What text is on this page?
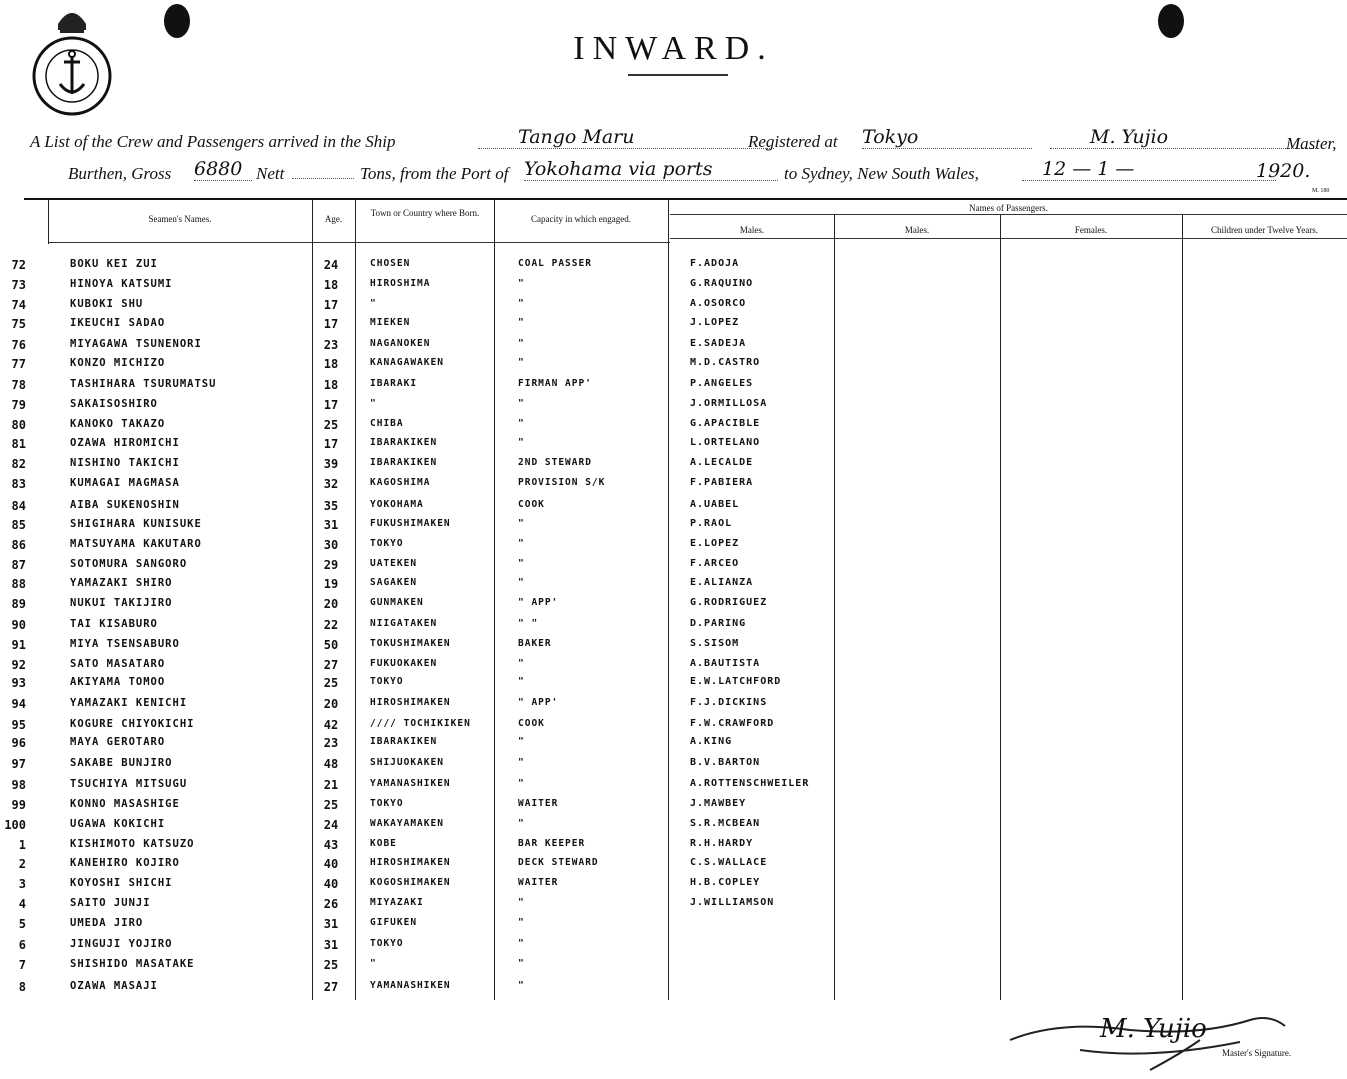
INWARD.
A List of the Crew and Passengers arrived in the Ship	Tango Maru	Registered at Tokyo	M. Yujio	Master,
Burthen, Gross 6880 Nett	Tons, from the Port of Yokohama via ports	to Sydney, New South Wales,	12 — 1 —	1920.
M. 180
Seamen's Names.	Age.
Town or Country where Born.
Capacity in which engaged.
Names of Passengers.
Males.	Males.	Females.	Children under Twelve Years.
72	BOKU KEI ZUI	24	CHOSEN	COAL PASSER	F.ADOJA
73	HINOYA KATSUMI	18	HIROSHIMA	"	G.RAQUINO
74	KUBOKI SHU	17	"	"	A.OSORCO
75	IKEUCHI SADAO	17	MIEKEN	"	J.LOPEZ
76	MIYAGAWA TSUNENORI	23	NAGANOKEN	"	E.SADEJA
77	KONZO MICHIZO	18	KANAGAWAKEN	"	M.D.CASTRO
78	TASHIHARA TSURUMATSU	18	IBARAKI	FIRMAN APP'	P.ANGELES
79	SAKAISOSHIRO	17	"	"	J.ORMILLOSA
80	KANOKO TAKAZO	25	CHIBA	"	G.APACIBLE
81	OZAWA HIROMICHI	17	IBARAKIKEN	"	L.ORTELANO
82	NISHINO TAKICHI	39	IBARAKIKEN	2ND STEWARD	A.LECALDE
83	KUMAGAI MAGMASA	32	KAGOSHIMA	PROVISION S/K	F.PABIERA
84	AIBA SUKENOSHIN	35	YOKOHAMA	COOK	A.UABEL
85	SHIGIHARA KUNISUKE	31	FUKUSHIMAKEN	"	P.RAOL
86	MATSUYAMA KAKUTARO	30	TOKYO	"	E.LOPEZ
87	SOTOMURA SANGORO	29	UATEKEN	"	F.ARCEO
88	YAMAZAKI SHIRO	19	SAGAKEN	"	E.ALIANZA
89	NUKUI TAKIJIRO	20	GUNMAKEN	" APP'	G.RODRIGUEZ
90	TAI KISABURO	22	NIIGATAKEN	" "	D.PARING
91	MIYA TSENSABURO	50	TOKUSHIMAKEN	BAKER	S.SISOM
92	SATO MASATARO	27	FUKUOKAKEN	"	A.BAUTISTA
93	AKIYAMA TOMOO	25	TOKYO	"	E.W.LATCHFORD
94	YAMAZAKI KENICHI	20	HIROSHIMAKEN	" APP'	F.J.DICKINS
95	KOGURE CHIYOKICHI	42	//// TOCHIKIKEN	COOK	F.W.CRAWFORD
96	MAYA GEROTARO	23	IBARAKIKEN	"	A.KING
97	SAKABE BUNJIRO	48	SHIJUOKAKEN	"	B.V.BARTON
98	TSUCHIYA MITSUGU	21	YAMANASHIKEN	"	A.ROTTENSCHWEILER
99	KONNO MASASHIGE	25	TOKYO	WAITER	J.MAWBEY
100	UGAWA KOKICHI	24	WAKAYAMAKEN	"	S.R.MCBEAN
1	KISHIMOTO KATSUZO	43	KOBE	BAR KEEPER	R.H.HARDY
2	KANEHIRO KOJIRO	40	HIROSHIMAKEN	DECK STEWARD	C.S.WALLACE
3	KOYOSHI SHICHI	40	KOGOSHIMAKEN	WAITER	H.B.COPLEY
4	SAITO JUNJI	26	MIYAZAKI	"	J.WILLIAMSON
5	UMEDA JIRO	31	GIFUKEN	"
6	JINGUJI YOJIRO	31	TOKYO	"
7	SHISHIDO MASATAKE	25	"	"
8	OZAWA MASAJI	27	YAMANASHIKEN	"
M. Yujio
Master's Signature.
